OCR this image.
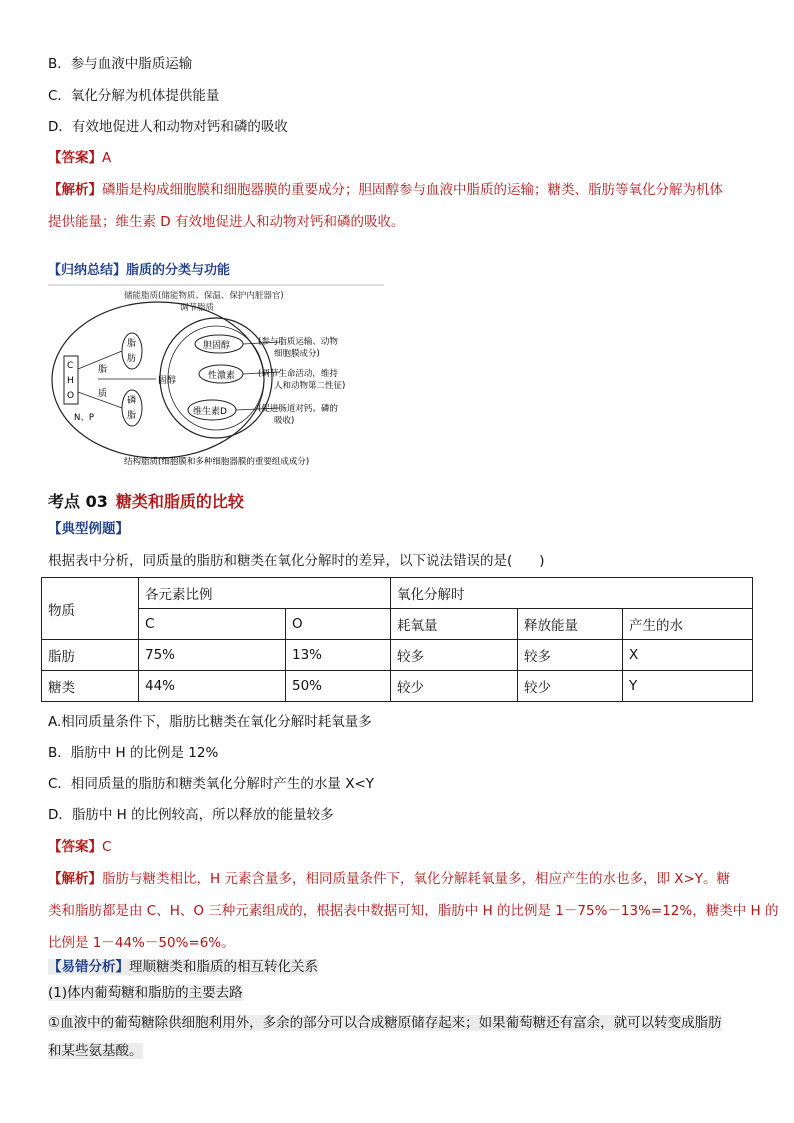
B．参与血液中脂质运输
C．氧化分解为机体提供能量
D．有效地促进人和动物对钙和磷的吸收
【答案】A
【解析】磷脂是构成细胞膜和细胞器膜的重要成分；胆固醇参与血液中脂质的运输；糖类、脂肪等氧化分解为机体
提供能量；维生素 D 有效地促进人和动物对钙和磷的吸收。
【归纳总结】脂质的分类与功能
储能脂质(储能物质、保温、保护内脏器官)
调节脂质
C
H
O
N、P
脂
质
脂
肪
磷
脂
固醇
胆固醇
性激素
维生素D
(参与脂质运输、动物
细胞膜成分)
(调节生命活动，维持
人和动物第二性征)
(促进肠道对钙、磷的
吸收)
结构脂质(细胞膜和多种细胞器膜的重要组成成分)
考点 03 糖类和脂质的比较
【典型例题】
根据表中分析，同质量的脂肪和糖类在氧化分解时的差异，以下说法错误的是(　　)
物质	各元素比例		氧化分解时		
	C	O	耗氧量	释放能量	产生的水
脂肪	75%	13%	较多	较多	X
糖类	44%	50%	较少	较少	Y
A.相同质量条件下，脂肪比糖类在氧化分解时耗氧量多
B．脂肪中 H 的比例是 12%
C．相同质量的脂肪和糖类氧化分解时产生的水量 X<Y
D．脂肪中 H 的比例较高，所以释放的能量较多
【答案】C
【解析】脂肪与糖类相比，H 元素含量多，相同质量条件下，氧化分解耗氧量多，相应产生的水也多，即 X>Y。糖
类和脂肪都是由 C、H、O 三种元素组成的，根据表中数据可知，脂肪中 H 的比例是 1－75%－13%=12%，糖类中 H 的
比例是 1－44%－50%=6%。
【易错分析】理顺糖类和脂质的相互转化关系
(1)体内葡萄糖和脂肪的主要去路
①血液中的葡萄糖除供细胞利用外，多余的部分可以合成糖原储存起来；如果葡萄糖还有富余，就可以转变成脂肪
和某些氨基酸。
